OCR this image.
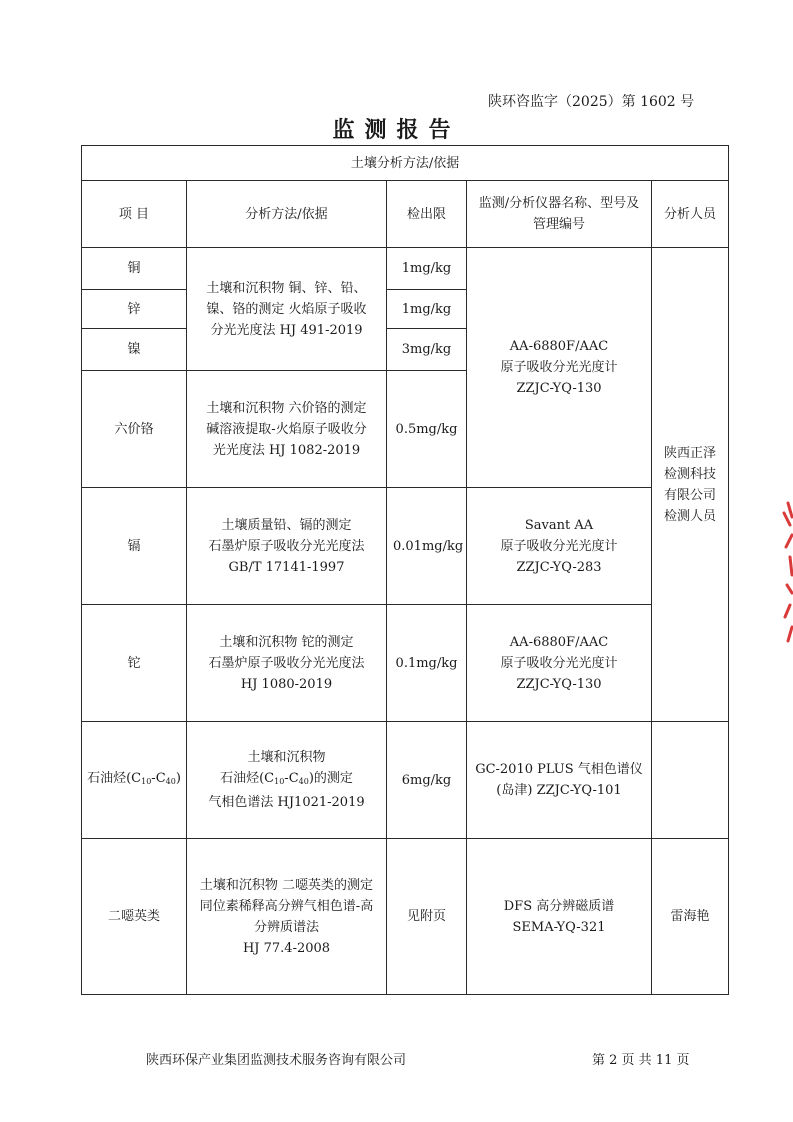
陕环咨监字（2025）第 1602 号
监测报告
土壤分析方法/依据				
项 目	分析方法/依据	检出限	监测/分析仪器名称、型号及管理编号	分析人员
铜	土壤和沉积物 铜、锌、铅、镍、铬的测定 火焰原子吸收分光光度法 HJ 491-2019	1mg/kg	AA-6880F/AAC
原子吸收分光光度计
ZZJC-YQ-130	陕西正泽检测科技有限公司检测人员
锌		1mg/kg		
镍		3mg/kg		
六价铬	土壤和沉积物 六价铬的测定碱溶液提取-火焰原子吸收分光光度法 HJ 1082-2019	0.5mg/kg		
镉	土壤质量铅、镉的测定
石墨炉原子吸收分光光度法
GB/T 17141-1997	0.01mg/kg	Savant AA
原子吸收分光光度计
ZZJC-YQ-283	

铊	土壤和沉积物 铊的测定
石墨炉原子吸收分光光度法
HJ 1080-2019	0.1mg/kg	AA-6880F/AAC
原子吸收分光光度计
ZZJC-YQ-130	

石油烃$(C_{10}-C_{40})$	土壤和沉积物
石油烃$(C_{10}-C_{40})$的测定
气相色谱法 HJ1021-2019	6mg/kg	GC-2010 PLUS 气相色谱仪
(岛津) ZZJC-YQ-101	

二噁英类	土壤和沉积物 二噁英类的测定 同位素稀释高分辨气相色谱-高分辨质谱法
HJ 77.4-2008	见附页	DFS 高分辨磁质谱
SEMA-YQ-321	雷海艳
陕西环保产业集团监测技术服务咨询有限公司	第 2 页 共 11 页
